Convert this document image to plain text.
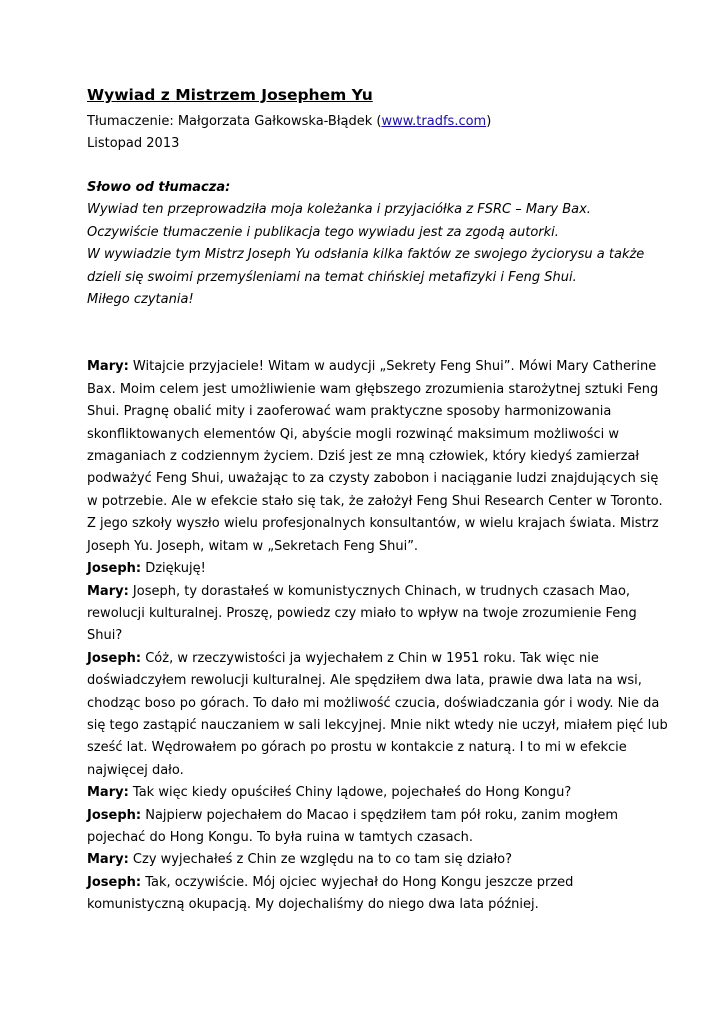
Wywiad z Mistrzem Josephem Yu

Tłumaczenie: Małgorzata Gałkowska-Błądek (www.tradfs.com)

Listopad 2013

Słowo od tłumacza:
Wywiad ten przeprowadziła moja koleżanka i przyjaciółka z FSRC – Mary Bax.
Oczywiście tłumaczenie i publikacja tego wywiadu jest za zgodą autorki.
W wywiadzie tym Mistrz Joseph Yu odsłania kilka faktów ze swojego życiorysu a także
dzieli się swoimi przemyśleniami na temat chińskiej metafizyki i Feng Shui.
Miłego czytania!
Mary: Witajcie przyjaciele! Witam w audycji „Sekrety Feng Shui”. Mówi Mary Catherine
Bax. Moim celem jest umożliwienie wam głębszego zrozumienia starożytnej sztuki Feng
Shui. Pragnę obalić mity i zaoferować wam praktyczne sposoby harmonizowania
skonfliktowanych elementów Qi, abyście mogli rozwinąć maksimum możliwości w
zmaganiach z codziennym życiem. Dziś jest ze mną człowiek, który kiedyś zamierzał
podważyć Feng Shui, uważając to za czysty zabobon i naciąganie ludzi znajdujących się
w potrzebie. Ale w efekcie stało się tak, że założył Feng Shui Research Center w Toronto.
Z jego szkoły wyszło wielu profesjonalnych konsultantów, w wielu krajach świata. Mistrz
Joseph Yu. Joseph, witam w „Sekretach Feng Shui”.
Joseph: Dziękuję!
Mary: Joseph, ty dorastałeś w komunistycznych Chinach, w trudnych czasach Mao,
rewolucji kulturalnej. Proszę, powiedz czy miało to wpływ na twoje zrozumienie Feng
Shui?
Joseph: Cóż, w rzeczywistości ja wyjechałem z Chin w 1951 roku. Tak więc nie
doświadczyłem rewolucji kulturalnej. Ale spędziłem dwa lata, prawie dwa lata na wsi,
chodząc boso po górach. To dało mi możliwość czucia, doświadczania gór i wody. Nie da
się tego zastąpić nauczaniem w sali lekcyjnej. Mnie nikt wtedy nie uczył, miałem pięć lub
sześć lat. Wędrowałem po górach po prostu w kontakcie z naturą. I to mi w efekcie
najwięcej dało.
Mary: Tak więc kiedy opuściłeś Chiny lądowe, pojechałeś do Hong Kongu?
Joseph: Najpierw pojechałem do Macao i spędziłem tam pół roku, zanim mogłem
pojechać do Hong Kongu. To była ruina w tamtych czasach.
Mary: Czy wyjechałeś z Chin ze względu na to co tam się działo?
Joseph: Tak, oczywiście. Mój ojciec wyjechał do Hong Kongu jeszcze przed
komunistyczną okupacją. My dojechaliśmy do niego dwa lata później.
